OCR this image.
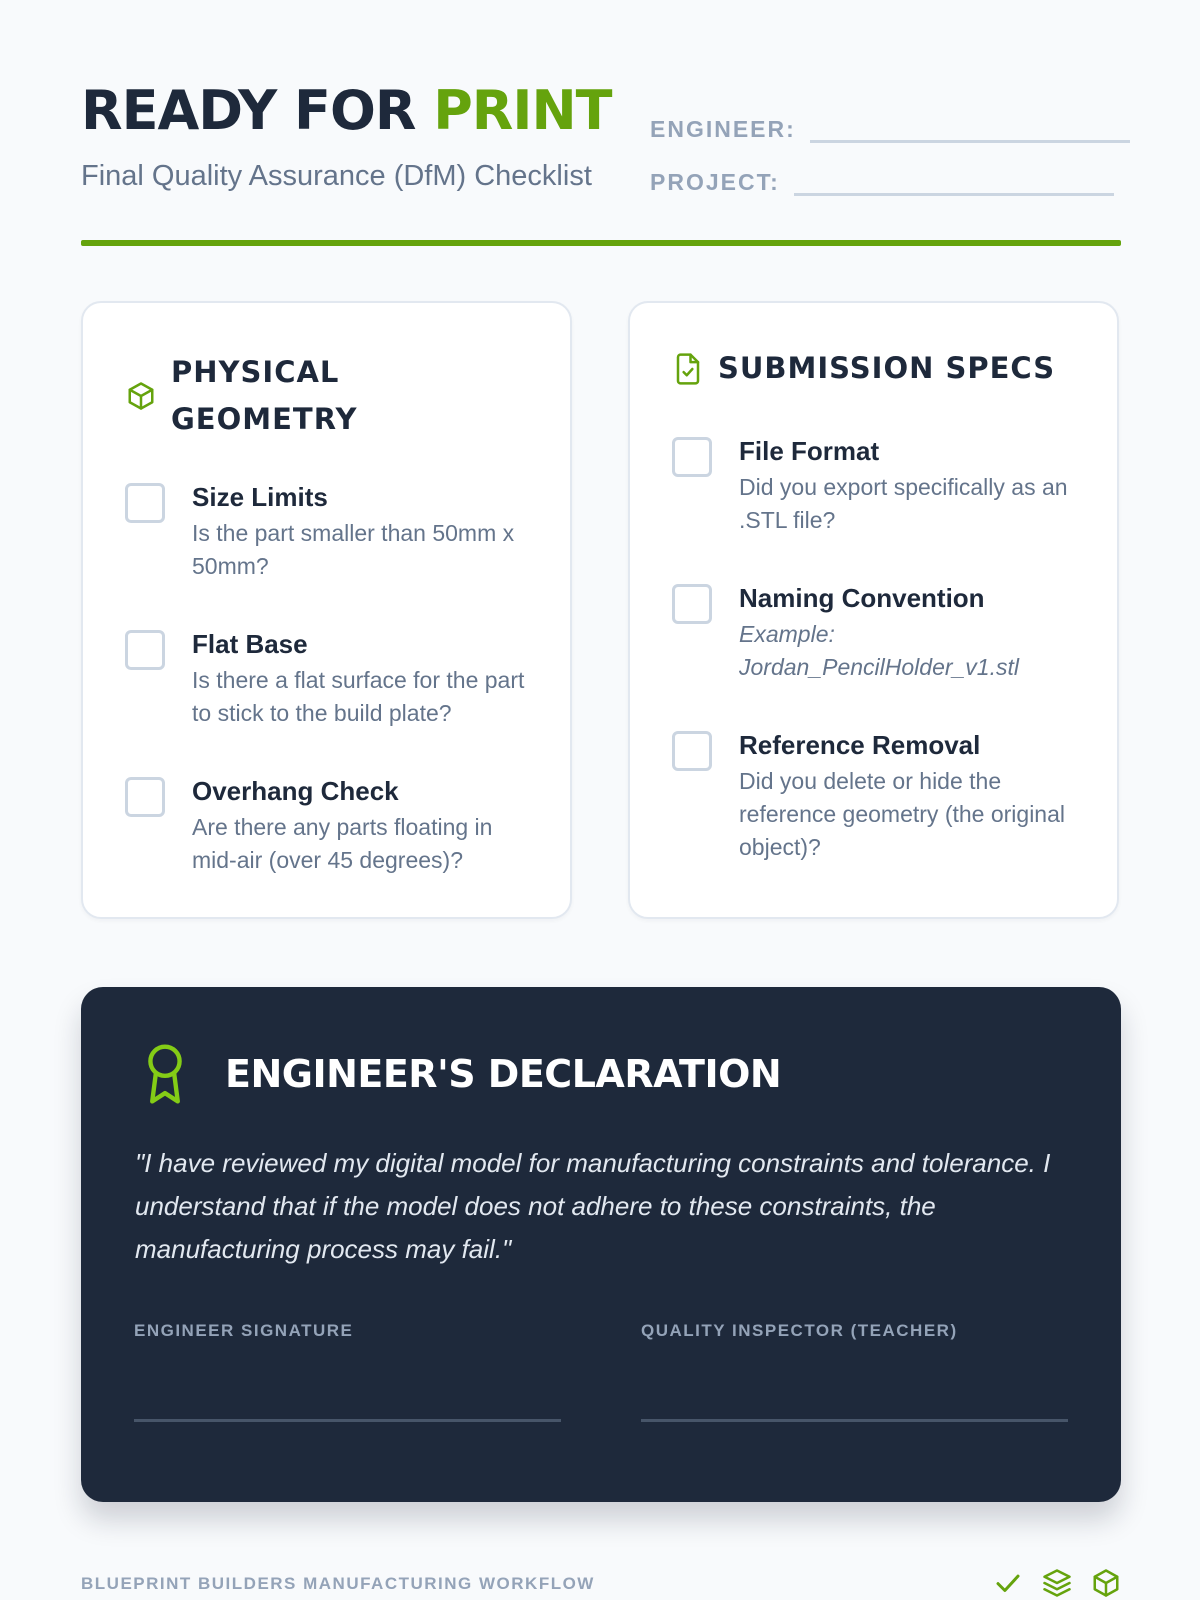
READY FOR PRINT
Final Quality Assurance (DfM) Checklist
ENGINEER:
PROJECT:
PHYSICAL
GEOMETRY
Size Limits
Is the part smaller than 50mm x 50mm?
Flat Base
Is there a flat surface for the part to stick to the build plate?
Overhang Check
Are there any parts floating in mid-air (over 45 degrees)?
SUBMISSION SPECS
File Format
Did you export specifically as an .STL file?
Naming Convention
Example: Jordan_PencilHolder_v1.stl
Reference Removal
Did you delete or hide the reference geometry (the original object)?
ENGINEER'S DECLARATION
"I have reviewed my digital model for manufacturing constraints and tolerance. I understand that if the model does not adhere to these constraints, the manufacturing process may fail."
ENGINEER SIGNATURE	QUALITY INSPECTOR (TEACHER)
BLUEPRINT BUILDERS MANUFACTURING WORKFLOW
